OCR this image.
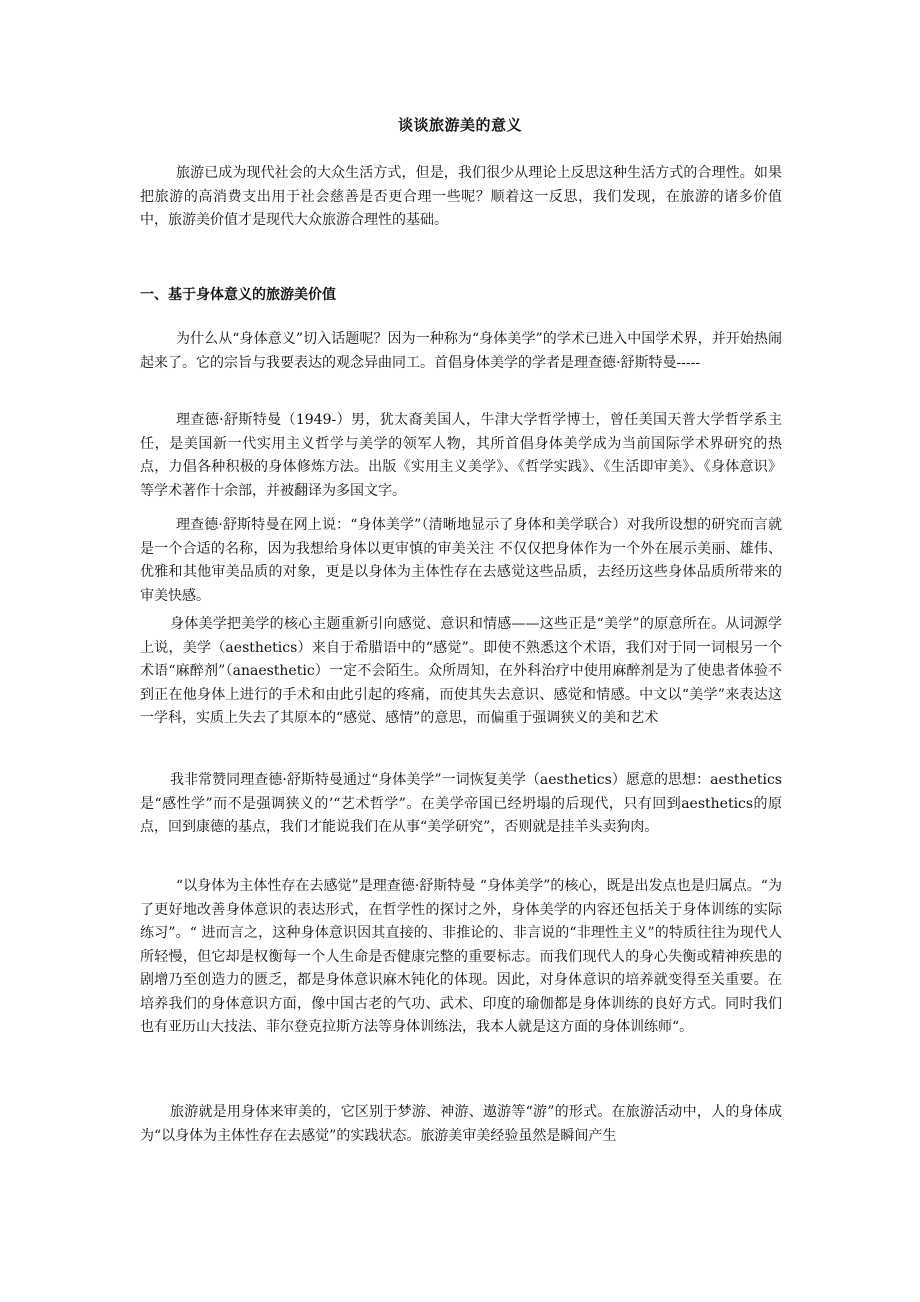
谈谈旅游美的意义

旅游已成为现代社会的大众生活方式，但是，我们很少从理论上反思这种生活方式的合理性。如果把旅游的高消费支出用于社会慈善是否更合理一些呢？顺着这一反思，我们发现，在旅游的诸多价值中，旅游美价值才是现代大众旅游合理性的基础。

一、基于身体意义的旅游美价值

为什么从“身体意义”切入话题呢？因为一种称为“身体美学”的学术已进入中国学术界，并开始热闹起来了。它的宗旨与我要表达的观念异曲同工。首倡身体美学的学者是理查德·舒斯特曼-----

理查德·舒斯特曼（1949-）男，犹太裔美国人，牛津大学哲学博士，曾任美国天普大学哲学系主任，是美国新一代实用主义哲学与美学的领军人物，其所首倡身体美学成为当前国际学术界研究的热点，力倡各种积极的身体修炼方法。出版《实用主义美学》、《哲学实践》、《生活即审美》、《身体意识》等学术著作十余部，并被翻译为多国文字。

理查德·舒斯特曼在网上说：“身体美学”（清晰地显示了身体和美学联合）对我所设想的研究而言就是一个合适的名称，因为我想给身体以更审慎的审美关注 不仅仅把身体作为一个外在展示美丽、雄伟、优雅和其他审美品质的对象，更是以身体为主体性存在去感觉这些品质，去经历这些身体品质所带来的审美快感。

身体美学把美学的核心主题重新引向感觉、意识和情感——这些正是“美学”的原意所在。从词源学上说，美学（aesthetics）来自于希腊语中的“感觉”。即使不熟悉这个术语，我们对于同一词根另一个术语“麻醉剂”（anaesthetic）一定不会陌生。众所周知，在外科治疗中使用麻醉剂是为了使患者体验不到正在他身体上进行的手术和由此引起的疼痛，而使其失去意识、感觉和情感。中文以“美学”来表达这一学科，实质上失去了其原本的“感觉、感情”的意思，而偏重于强调狭义的美和艺术

我非常赞同理查德·舒斯特曼通过“身体美学”一词恢复美学（aesthetics）愿意的思想：aesthetics是“感性学”而不是强调狭义的’“艺术哲学”。在美学帝国已经坍塌的后现代，只有回到aesthetics的原点，回到康德的基点，我们才能说我们在从事“美学研究”，否则就是挂羊头卖狗肉。

“以身体为主体性存在去感觉”是理查德·舒斯特曼 “身体美学”的核心，既是出发点也是归属点。“为了更好地改善身体意识的表达形式，在哲学性的探讨之外，身体美学的内容还包括关于身体训练的实际练习”。“ 进而言之，这种身体意识因其直接的、非推论的、非言说的“非理性主义”的特质往往为现代人所轻慢，但它却是权衡每一个人生命是否健康完整的重要标志。而我们现代人的身心失衡或精神疾患的剧增乃至创造力的匮乏，都是身体意识麻木钝化的体现。因此，对身体意识的培养就变得至关重要。在培养我们的身体意识方面，像中国古老的气功、武术、印度的瑜伽都是身体训练的良好方式。同时我们也有亚历山大技法、菲尔登克拉斯方法等身体训练法，我本人就是这方面的身体训练师“。

旅游就是用身体来审美的，它区别于梦游、神游、遨游等“游”的形式。在旅游活动中，人的身体成为“以身体为主体性存在去感觉”的实践状态。旅游美审美经验虽然是瞬间产生
